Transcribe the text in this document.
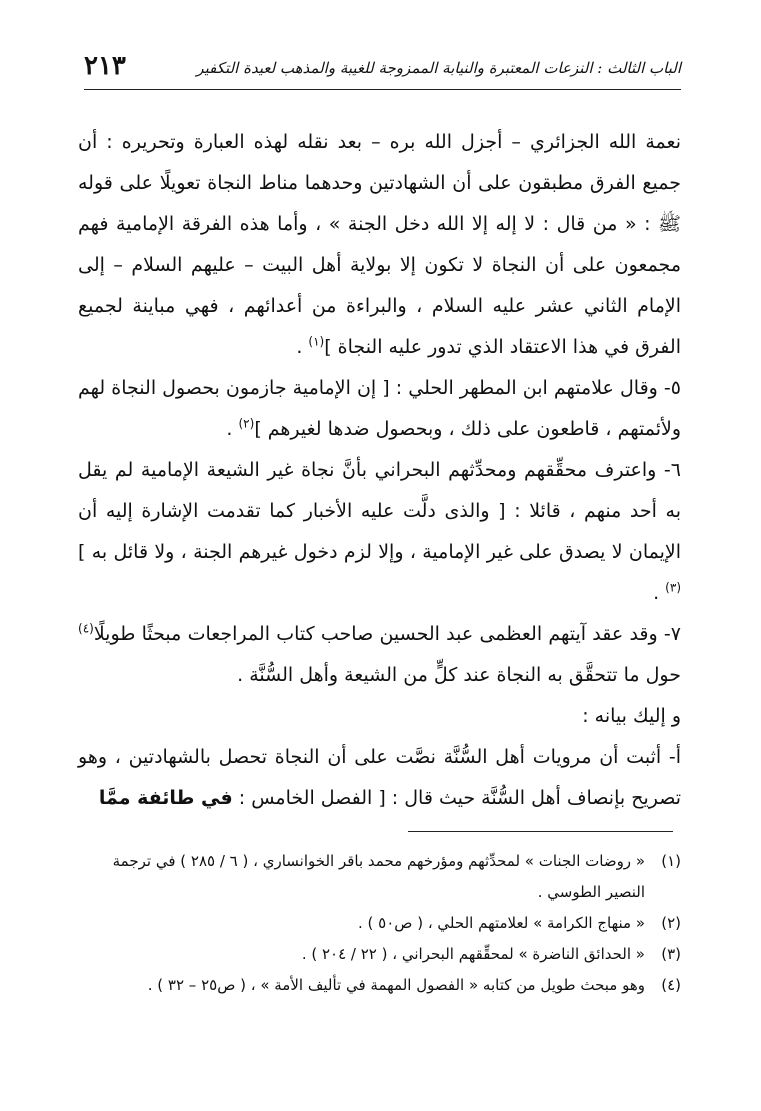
الباب الثالث : النزعات المعتبرة والنيابة الممزوجة للغيبة والمذهب لعيدة التكفير
٢١٣

نعمة الله الجزائري – أجزل الله بره – بعد نقله لهذه العبارة وتحريره : أن جميع الفرق مطبقون على أن الشهادتين وحدهما مناط النجاة تعويلًا على قوله ﷺ : « من قال : لا إله إلا الله دخل الجنة » ، وأما هذه الفرقة الإمامية فهم مجمعون على أن النجاة لا تكون إلا بولاية أهل البيت – عليهم السلام – إلى الإمام الثاني عشر عليه السلام ، والبراءة من أعدائهم ، فهي مباينة لجميع الفرق في هذا الاعتقاد الذي تدور عليه النجاة ]$^{(١)}$ .

٥- وقال علامتهم ابن المطهر الحلي : [ إن الإمامية جازمون بحصول النجاة لهم ولأئمتهم ، قاطعون على ذلك ، وبحصول ضدها لغيرهم ]$^{(٢)}$ .

٦- واعترف محقِّقهم ومحدِّثهم البحراني بأنَّ نجاة غير الشيعة الإمامية لم يقل به أحد منهم ، قائلا : [ والذى دلَّت عليه الأخبار كما تقدمت الإشارة إليه أن الإيمان لا يصدق على غير الإمامية ، وإلا لزم دخول غيرهم الجنة ، ولا قائل به ]$^{(٣)}$ .

٧- وقد عقد آيتهم العظمى عبد الحسين صاحب كتاب المراجعات مبحثًا طويلًا$^{(٤)}$ حول ما تتحقَّق به النجاة عند كلٍّ من الشيعة وأهل السُّنَّة .

و إليك بيانه :

أ- أثبت أن مرويات أهل السُّنَّة نصَّت على أن النجاة تحصل بالشهادتين ، وهو تصريح بإنصاف أهل السُّنَّة حيث قال : [ الفصل الخامس : في طائفة ممَّا

(١)
« روضات الجنات » لمحدِّثهم ومؤرخهم محمد باقر الخوانساري ، ( ٦ / ٢٨٥ ) في ترجمة النصير الطوسي .
(٢)
« منهاج الكرامة » لعلامتهم الحلي ، ( ص٥٠ ) .
(٣)
« الحدائق الناضرة » لمحقِّقهم البحراني ، ( ٢٢ / ٢٠٤ ) .
(٤)
وهو مبحث طويل من كتابه « الفصول المهمة في تأليف الأمة » ، ( ص٢٥ – ٣٢ ) .
